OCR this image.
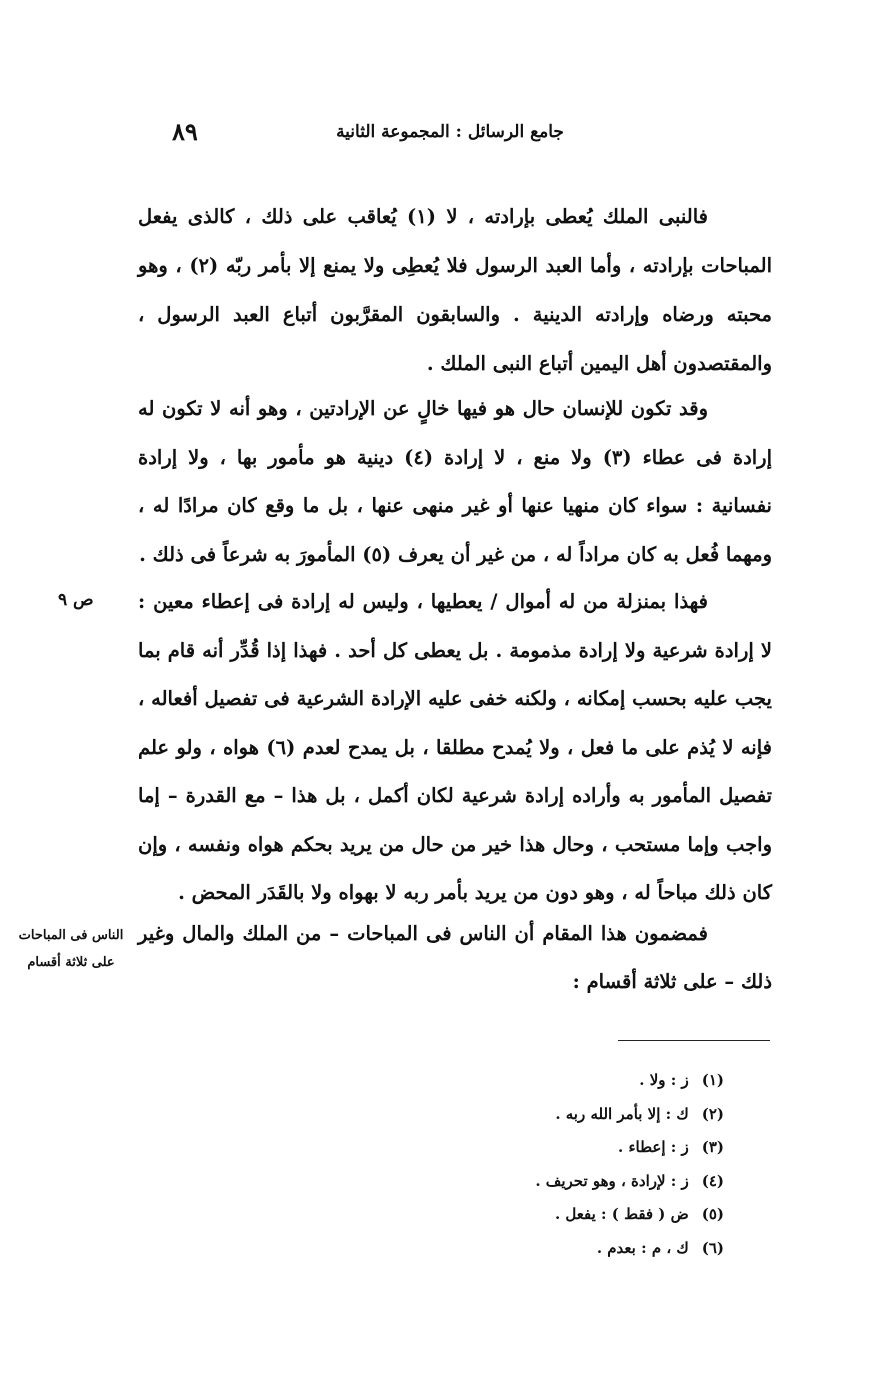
جامع الرسائل : المجموعة الثانية
٨٩

فالنبى الملك يُعطى بإرادته ، لا (١) يُعاقب على ذلك ، كالذى يفعل المباحات بإرادته ، وأما العبد الرسول فلا يُعطِى ولا يمنع إلا بأمر ربّه (٢) ، وهو محبته ورضاه وإرادته الدينية . والسابقون المقرَّبون أتباع العبد الرسول ، والمقتصدون أهل اليمين أتباع النبى الملك .

وقد تكون للإنسان حال هو فيها خالٍ عن الإرادتين ، وهو أنه لا تكون له إرادة فى عطاء (٣) ولا منع ، لا إرادة (٤) دينية هو مأمور بها ، ولا إرادة نفسانية : سواء كان منهيا عنها أو غير منهى عنها ، بل ما وقع كان مرادًا له ، ومهما فُعل به كان مراداً له ، من غير أن يعرف (٥) المأمورَ به شرعاً فى ذلك .

فهذا بمنزلة من له أموال / يعطيها ، وليس له إرادة فى إعطاء معين : لا إرادة شرعية ولا إرادة مذمومة . بل يعطى كل أحد . فهذا إذا قُدِّر أنه قام بما يجب عليه بحسب إمكانه ، ولكنه خفى عليه الإرادة الشرعية فى تفصيل أفعاله ، فإنه لا يُذم على ما فعل ، ولا يُمدح مطلقا ، بل يمدح لعدم (٦) هواه ، ولو علم تفصيل المأمور به وأراده إرادة شرعية لكان أكمل ، بل هذا – مع القدرة – إما واجب وإما مستحب ، وحال هذا خير من حال من يريد بحكم هواه ونفسه ، وإن كان ذلك مباحاً له ، وهو دون من يريد بأمر ربه لا بهواه ولا بالقَدَر المحض .

فمضمون هذا المقام أن الناس فى المباحات – من الملك والمال وغير ذلك – على ثلاثة أقسام :

ص ٩
الناس فى المباحات
على ثلاثة أقسام
(١) ز : ولا .
(٢) ك : إلا بأمر الله ربه .
(٣) ز : إعطاء .
(٤) ز : لإرادة ، وهو تحريف .
(٥) ض ( فقط ) : يفعل .
(٦) ك ، م : بعدم .
